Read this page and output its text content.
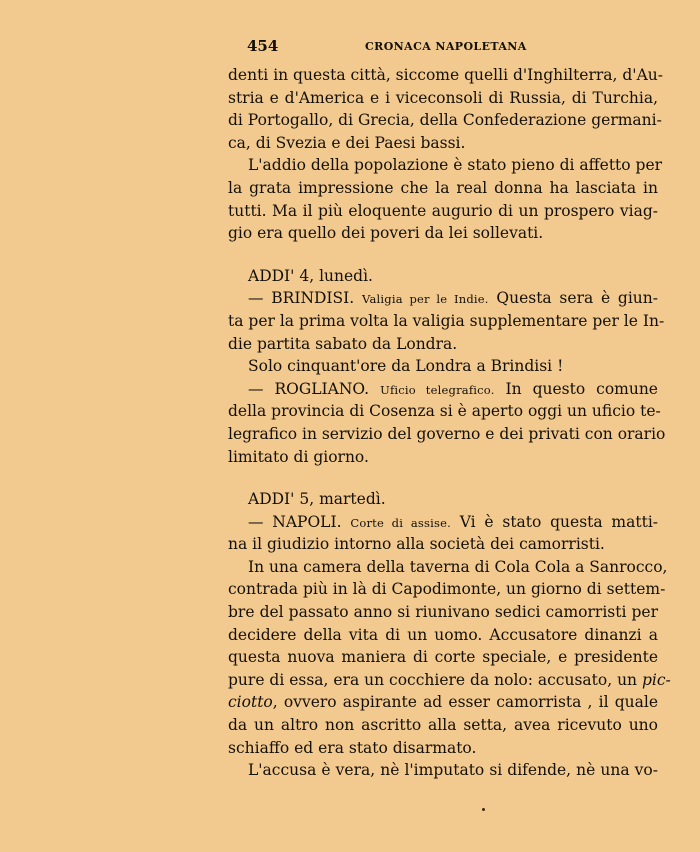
454	CRONACA NAPOLETANA
denti in questa città, siccome quelli d'Inghilterra, d'Au-
stria e d'America e i viceconsoli di Russia, di Turchia,
di Portogallo, di Grecia, della Confederazione germani-
ca, di Svezia e dei Paesi bassi.
L'addio della popolazione è stato pieno di affetto per
la grata impressione che la real donna ha lasciata in
tutti. Ma il più eloquente augurio di un prospero viag-
gio era quello dei poveri da lei sollevati.
ADDI' 4, lunedì.
— BRINDISI. Valigia per le Indie. Questa sera è giun-
ta per la prima volta la valigia supplementare per le In-
die partita sabato da Londra.
Solo cinquant'ore da Londra a Brindisi !
— ROGLIANO. Uficio telegrafico. In questo comune
della provincia di Cosenza si è aperto oggi un uficio te-
legrafico in servizio del governo e dei privati con orario
limitato di giorno.
ADDI' 5, martedì.
— NAPOLI. Corte di assise. Vi è stato questa matti-
na il giudizio intorno alla società dei camorristi.
In una camera della taverna di Cola Cola a Sanrocco,
contrada più in là di Capodimonte, un giorno di settem-
bre del passato anno si riunivano sedici camorristi per
decidere della vita di un uomo. Accusatore dinanzi a
questa nuova maniera di corte speciale, e presidente
pure di essa, era un cocchiere da nolo: accusato, un pic-
ciotto, ovvero aspirante ad esser camorrista , il quale
da un altro non ascritto alla setta, avea ricevuto uno
schiaffo ed era stato disarmato.
L'accusa è vera, nè l'imputato si difende, nè una vo-
